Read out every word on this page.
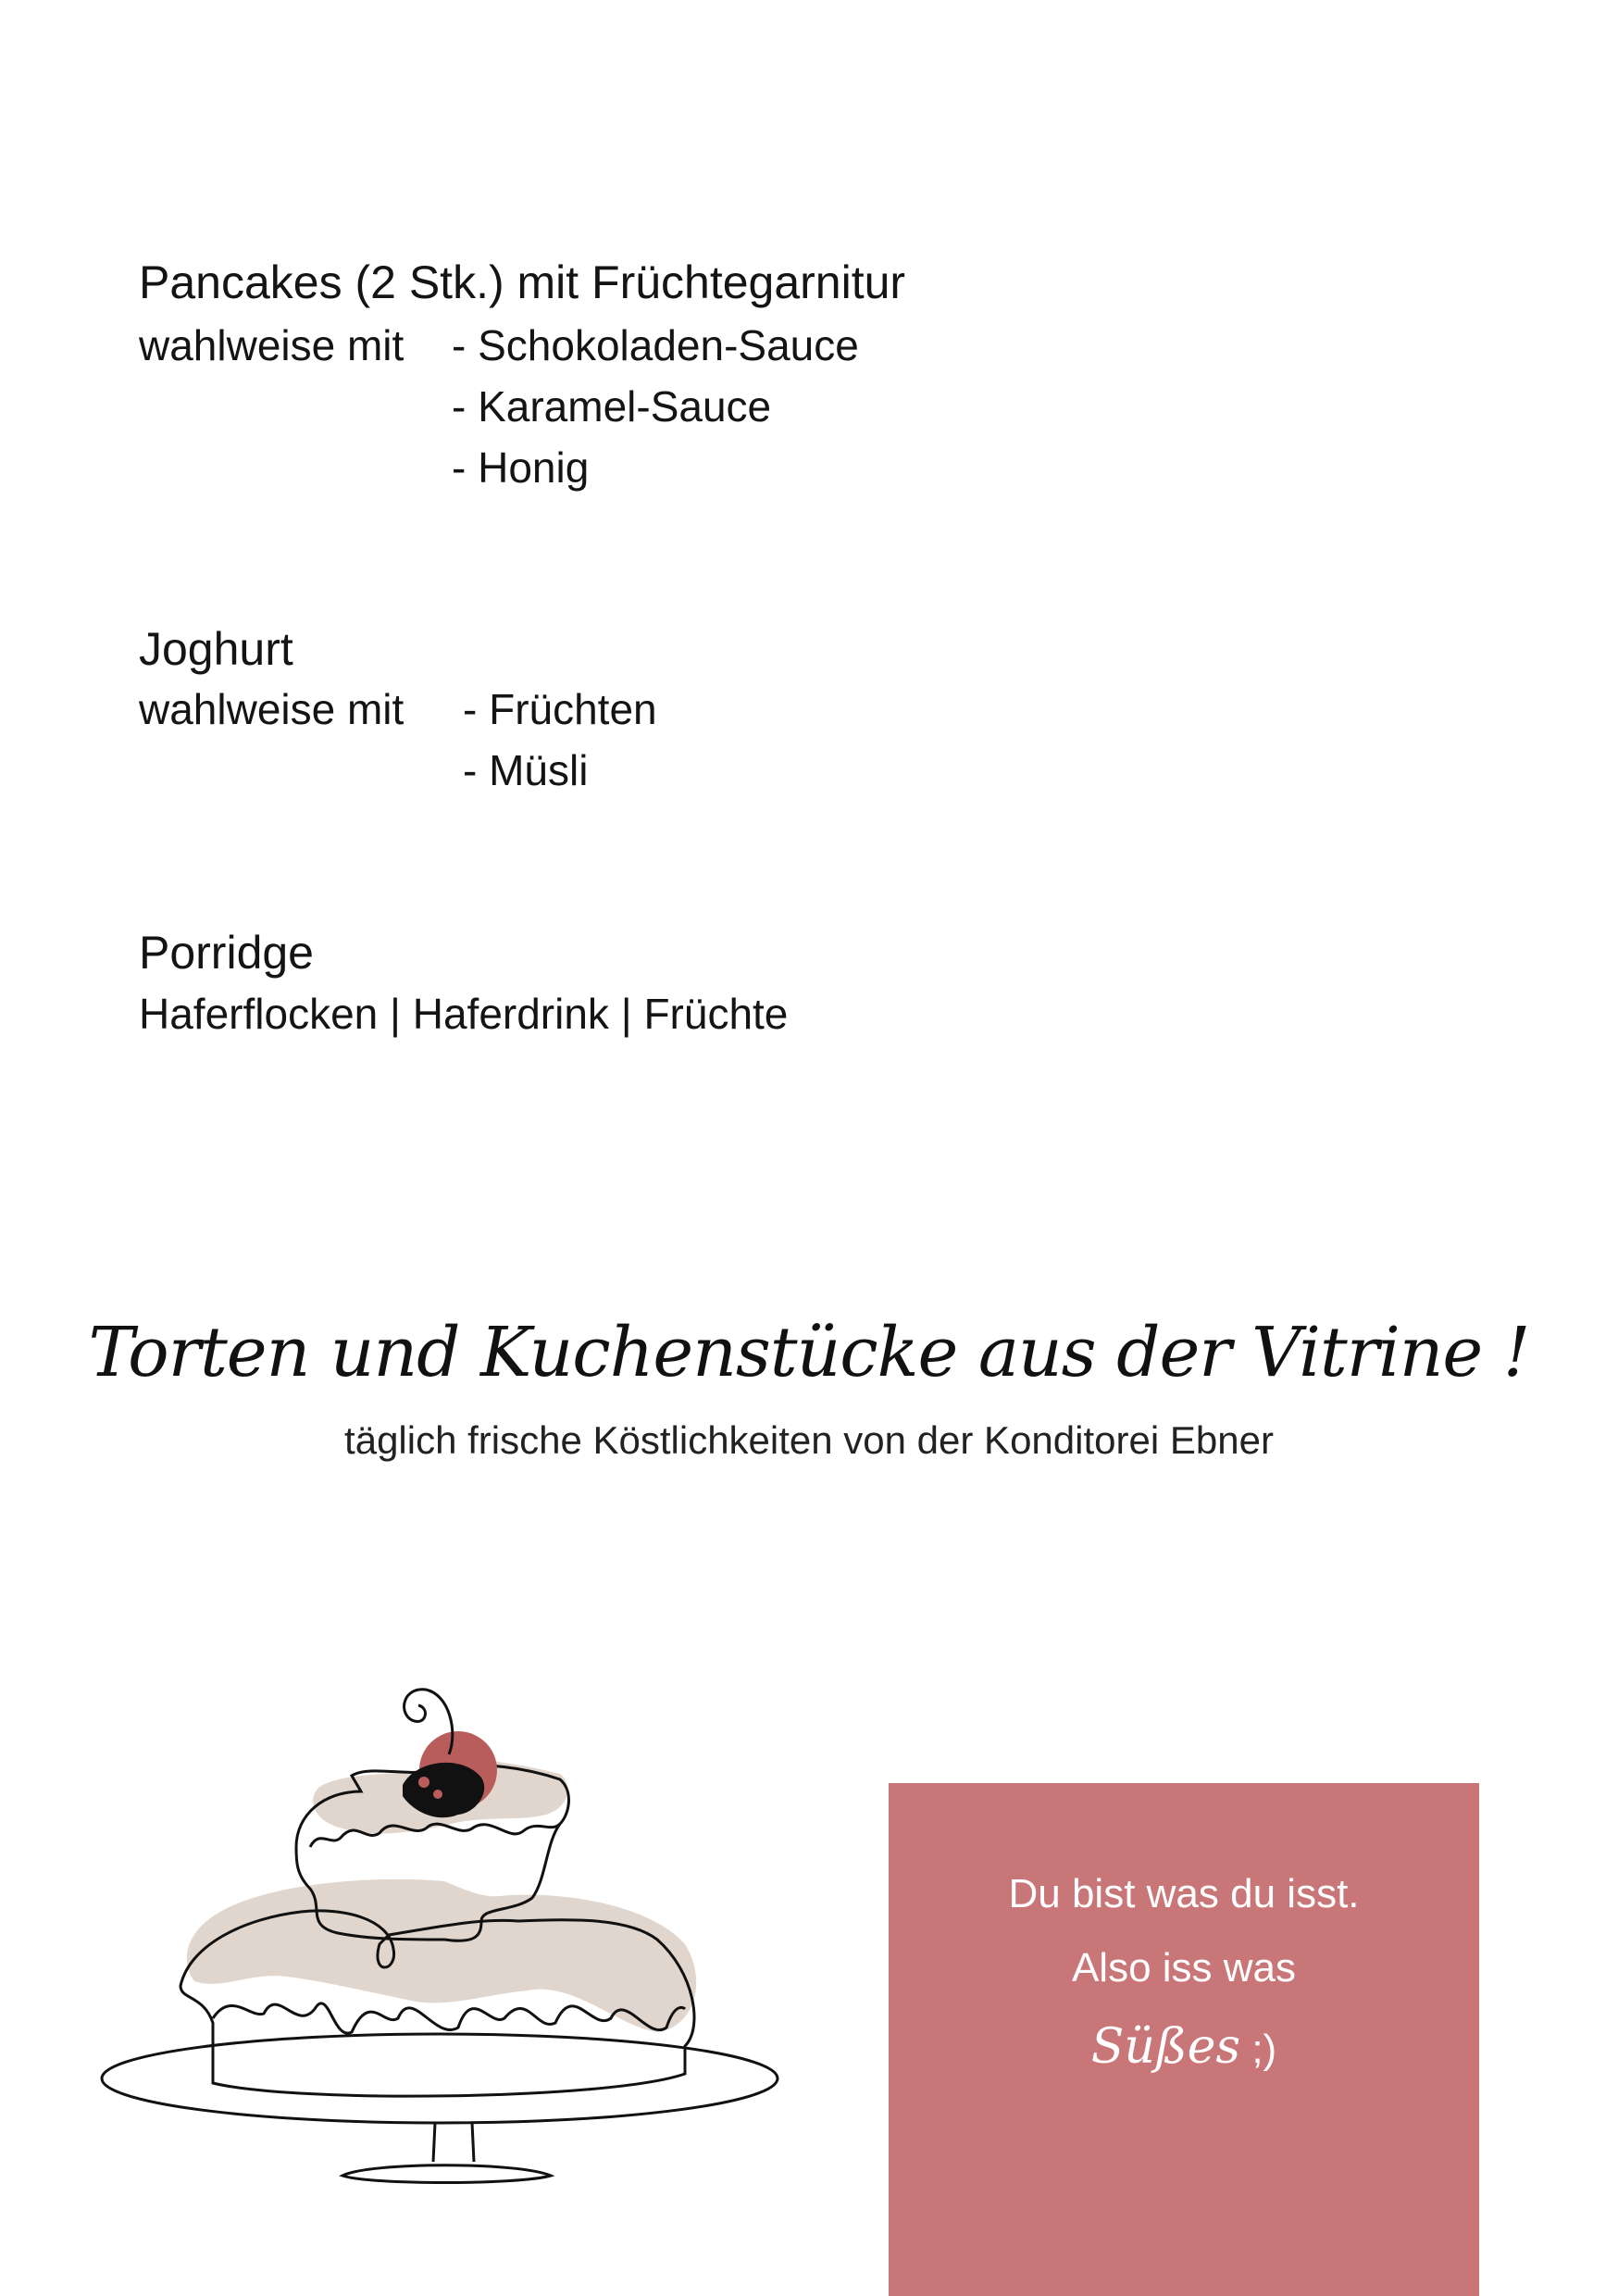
Pancakes (2 Stk.) mit Früchtegarnitur
wahlweise mit - Schokoladen-Sauce
- Karamel-Sauce
- Honig
Joghurt
wahlweise mit - Früchten
- Müsli
Porridge
Haferflocken | Haferdrink | Früchte
Torten und Kuchenstücke aus der Vitrine !
täglich frische Köstlichkeiten von der Konditorei Ebner
Du bist was du isst.
Also iss was
Süßes ;)
